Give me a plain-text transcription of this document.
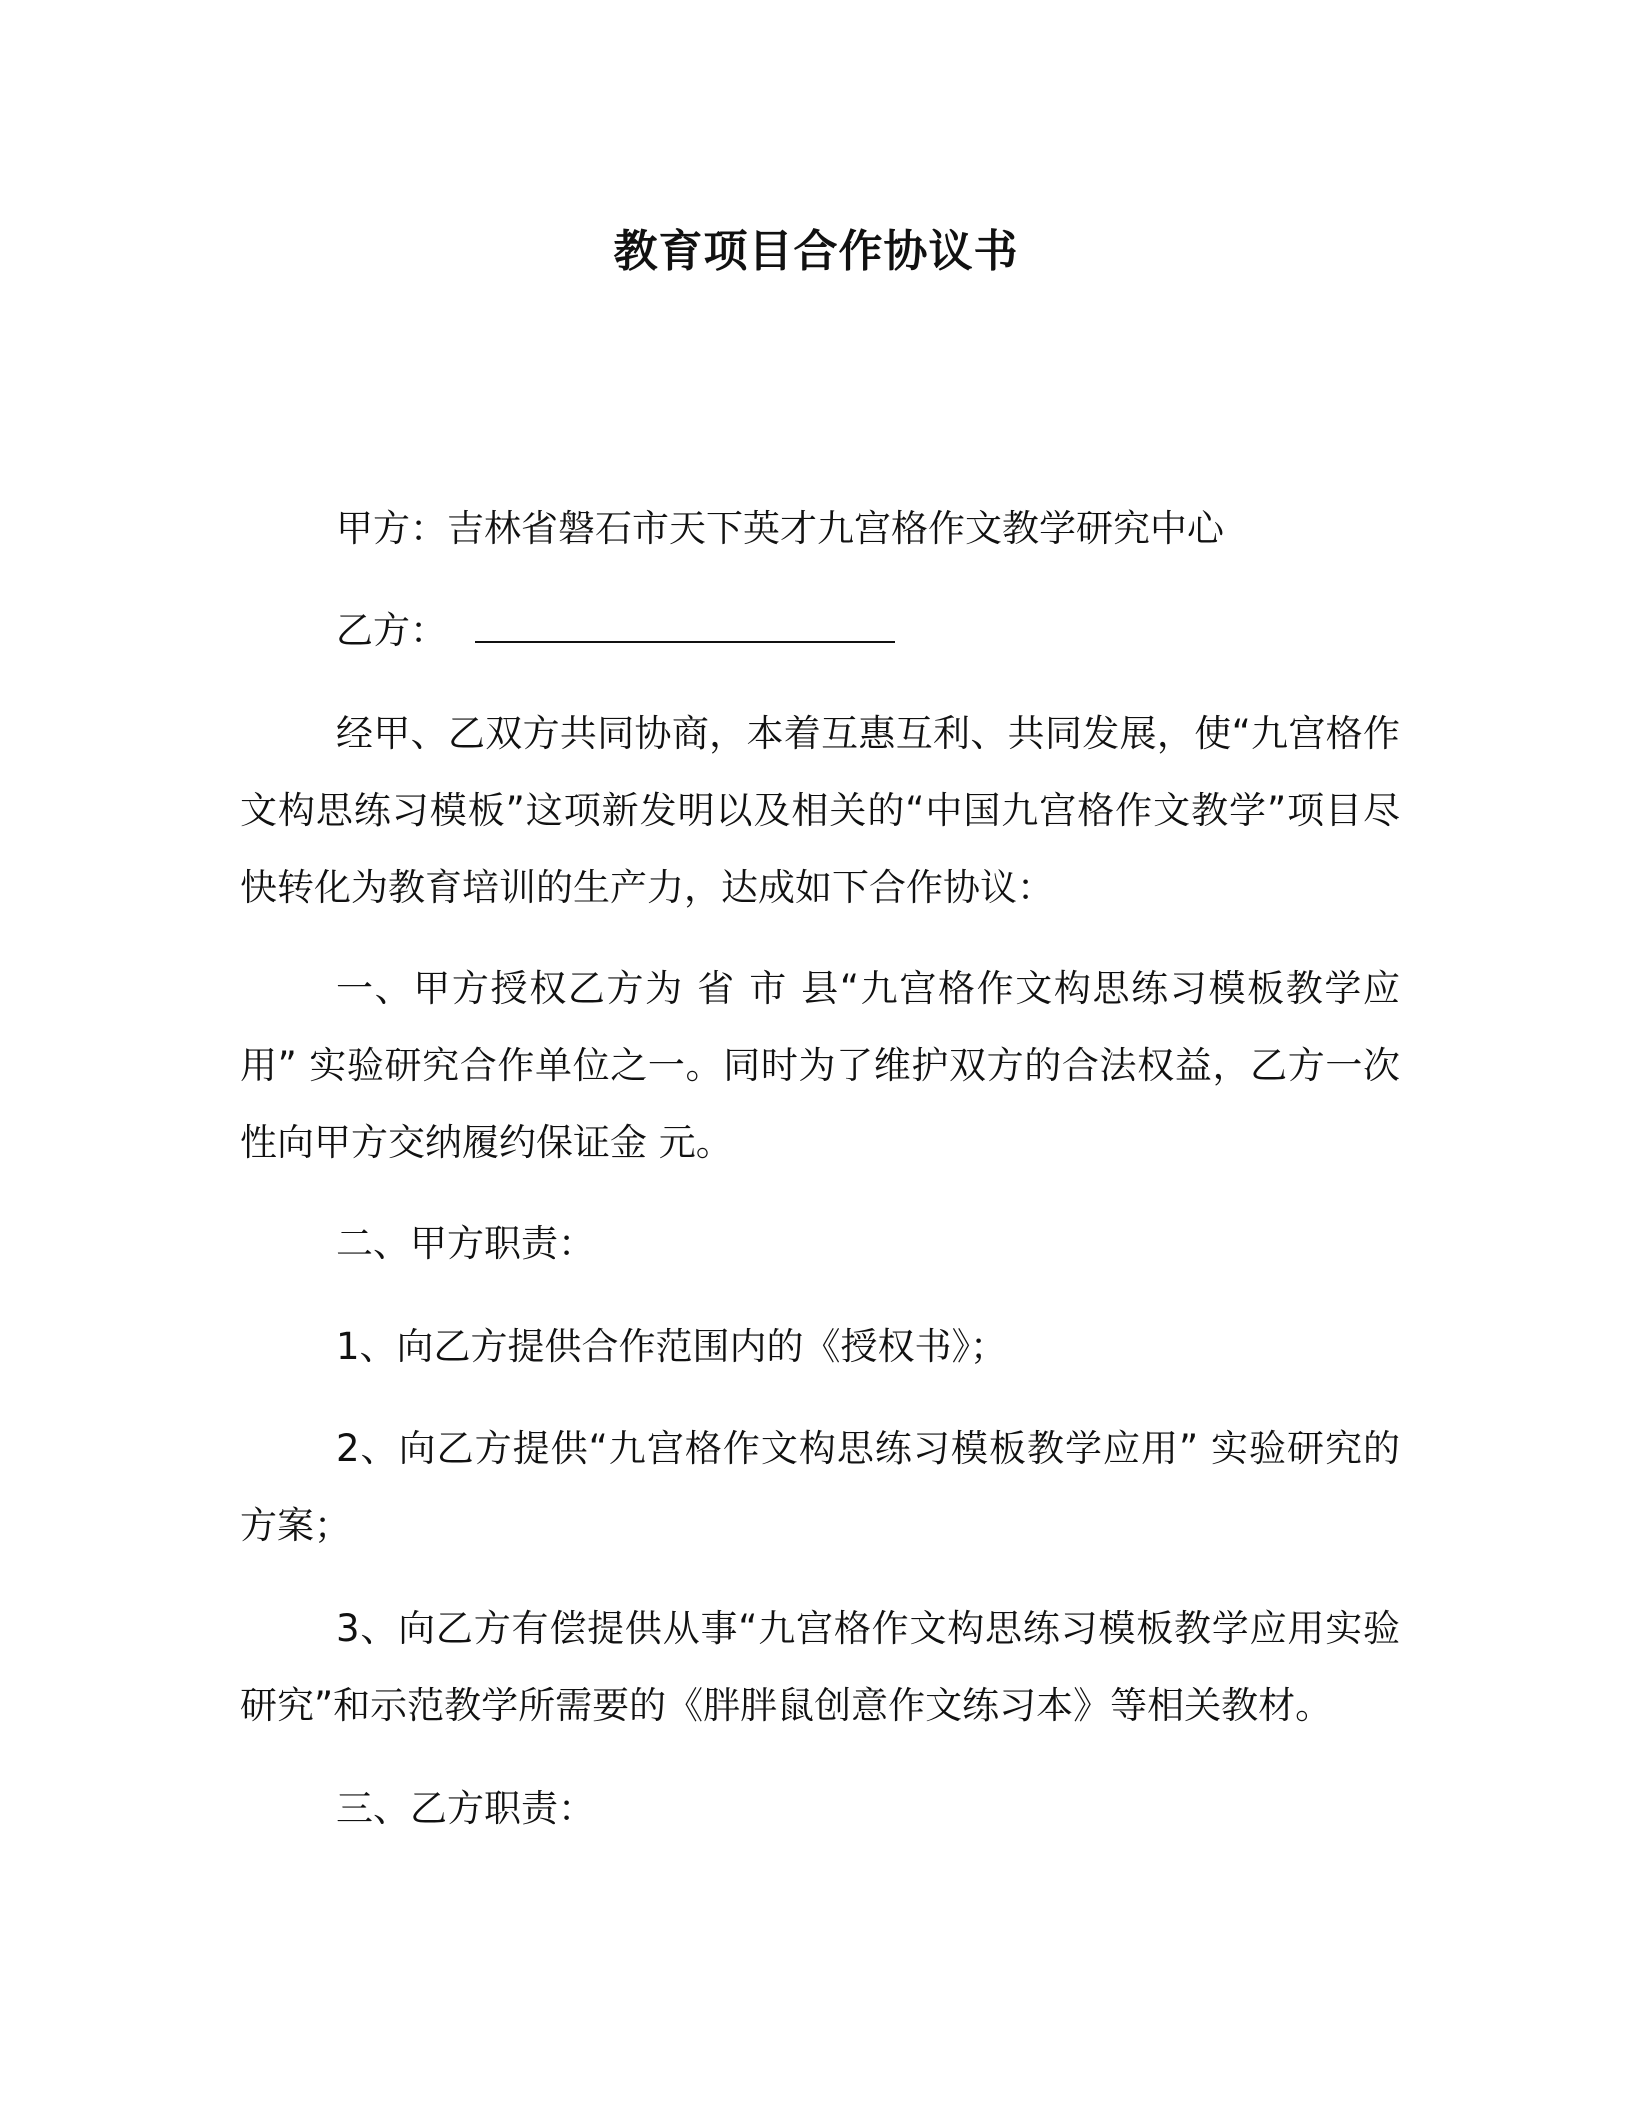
教育项目合作协议书

甲方：吉林省磐石市天下英才九宫格作文教学研究中心

乙方：

经甲、乙双方共同协商，本着互惠互利、共同发展，使“九宫格作文构思练习模板”这项新发明以及相关的“中国九宫格作文教学”项目尽快转化为教育培训的生产力，达成如下合作协议：

一、甲方授权乙方为 省 市 县“九宫格作文构思练习模板教学应用” 实验研究合作单位之一。同时为了维护双方的合法权益，乙方一次性向甲方交纳履约保证金 元。

二、甲方职责：

1、向乙方提供合作范围内的《授权书》；

2、向乙方提供“九宫格作文构思练习模板教学应用” 实验研究的方案；

3、向乙方有偿提供从事“九宫格作文构思练习模板教学应用实验研究”和示范教学所需要的《胖胖鼠创意作文练习本》等相关教材。

三、乙方职责：
